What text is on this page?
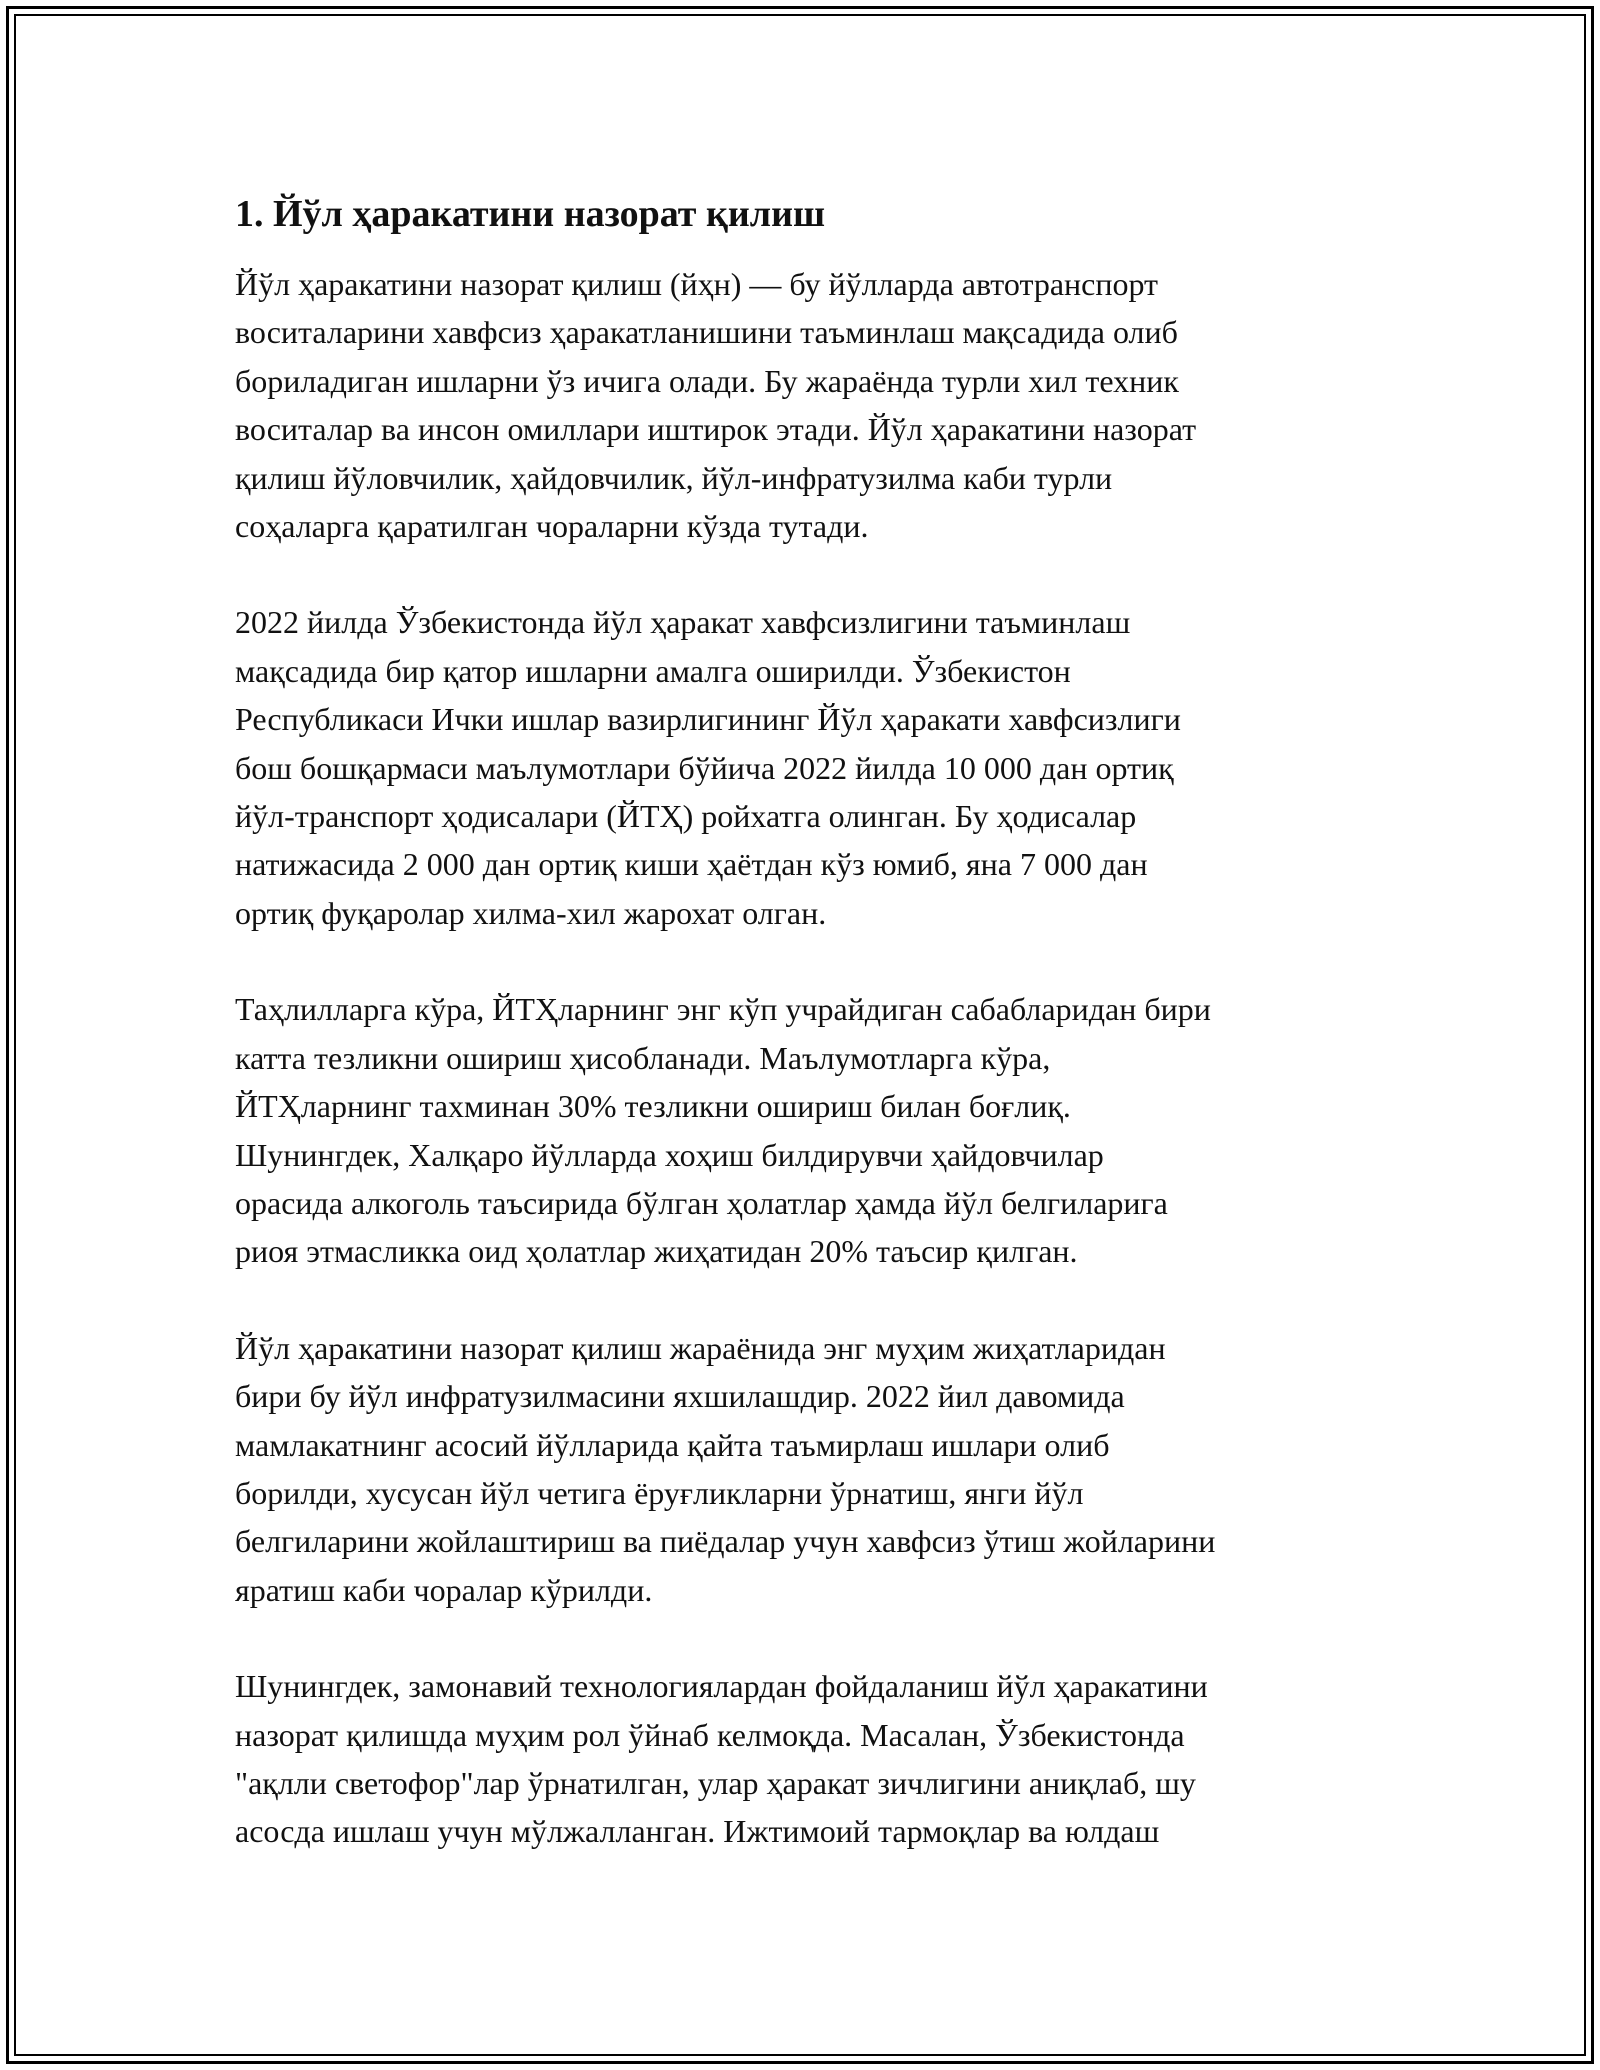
1. Йўл ҳаракатини назорат қилиш
Йўл ҳаракатини назорат қилиш (йҳн) — бу йўлларда автотранспорт
воситаларини хавфсиз ҳаракатланишини таъминлаш мақсадида олиб
бориладиган ишларни ўз ичига олади. Бу жараёнда турли хил техник
воситалар ва инсон омиллари иштирок этади. Йўл ҳаракатини назорат
қилиш йўловчилик, ҳайдовчилик, йўл-инфратузилма каби турли
соҳаларга қаратилган чораларни кўзда тутади.
2022 йилда Ўзбекистонда йўл ҳаракат хавфсизлигини таъминлаш
мақсадида бир қатор ишларни амалга оширилди. Ўзбекистон
Республикаси Ички ишлар вазирлигининг Йўл ҳаракати хавфсизлиги
бош бошқармаси маълумотлари бўйича 2022 йилда 10 000 дан ортиқ
йўл-транспорт ҳодисалари (ЙТҲ) ройхатга олинган. Бу ҳодисалар
натижасида 2 000 дан ортиқ киши ҳаётдан кўз юмиб, яна 7 000 дан
ортиқ фуқаролар хилма-хил жарохат олган.
Таҳлилларга кўра, ЙТҲларнинг энг кўп учрайдиган сабабларидан бири
катта тезликни ошириш ҳисобланади. Маълумотларга кўра,
ЙТҲларнинг тахминан 30% тезликни ошириш билан боғлиқ.
Шунингдек, Халқаро йўлларда хоҳиш билдирувчи ҳайдовчилар
орасида алкоголь таъсирида бўлган ҳолатлар ҳамда йўл белгиларига
риоя этмасликка оид ҳолатлар жиҳатидан 20% таъсир қилган.
Йўл ҳаракатини назорат қилиш жараёнида энг муҳим жиҳатларидан
бири бу йўл инфратузилмасини яхшилашдир. 2022 йил давомида
мамлакатнинг асосий йўлларида қайта таъмирлаш ишлари олиб
борилди, хусусан йўл четига ёруғликларни ўрнатиш, янги йўл
белгиларини жойлаштириш ва пиёдалар учун хавфсиз ўтиш жойларини
яратиш каби чоралар кўрилди.
Шунингдек, замонавий технологиялардан фойдаланиш йўл ҳаракатини
назорат қилишда муҳим рол ўйнаб келмоқда. Масалан, Ўзбекистонда
"ақлли светофор"лар ўрнатилган, улар ҳаракат зичлигини аниқлаб, шу
асосда ишлаш учун мўлжалланган. Ижтимоий тармоқлар ва юлдаш
